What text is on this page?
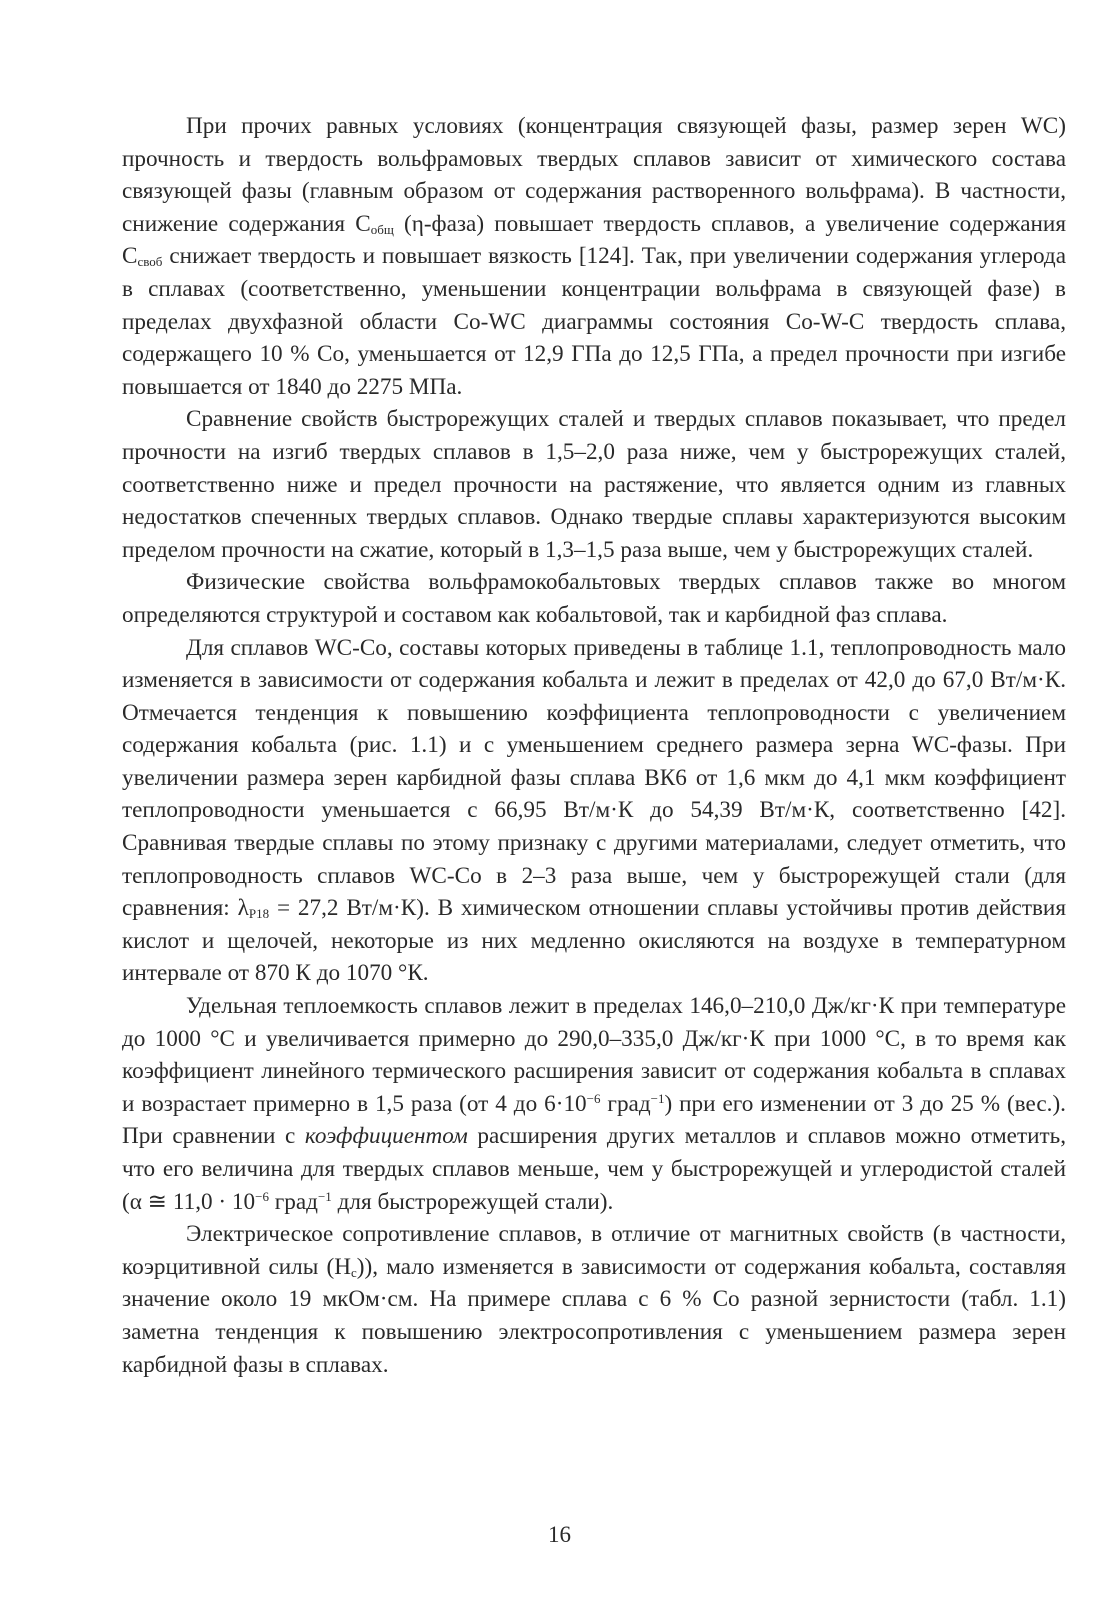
При прочих равных условиях (концентрация связующей фазы, размер зерен WC) прочность и твердость вольфрамовых твердых сплавов зависит от химического состава связующей фазы (главным образом от содержания растворенного вольфрама). В частности, снижение содержания $C_{общ}$ (η-фаза) повышает твердость сплавов, а увеличение содержания $C_{своб}$ снижает твердость и повышает вязкость [124]. Так, при увеличении содержания углерода в сплавах (соответственно, уменьшении концентрации вольфрама в связующей фазе) в пределах двухфазной области Co-WC диаграммы состояния Co-W-C твердость сплава, содержащего 10 % Co, уменьшается от 12,9 ГПа до 12,5 ГПа, а предел прочности при изгибе повышается от 1840 до 2275 МПа.

Сравнение свойств быстрорежущих сталей и твердых сплавов показывает, что предел прочности на изгиб твердых сплавов в 1,5–2,0 раза ниже, чем у быстрорежущих сталей, соответственно ниже и предел прочности на растяжение, что является одним из главных недостатков спеченных твердых сплавов. Однако твердые сплавы характеризуются высоким пределом прочности на сжатие, который в 1,3–1,5 раза выше, чем у быстрорежущих сталей.

Физические свойства вольфрамокобальтовых твердых сплавов также во многом определяются структурой и составом как кобальтовой, так и карбидной фаз сплава.

Для сплавов WC-Co, составы которых приведены в таблице 1.1, теплопроводность мало изменяется в зависимости от содержания кобальта и лежит в пределах от 42,0 до 67,0 Вт/м·К. Отмечается тенденция к повышению коэффициента теплопроводности с увеличением содержания кобальта (рис. 1.1) и с уменьшением среднего размера зерна WC-фазы. При увеличении размера зерен карбидной фазы сплава ВК6 от 1,6 мкм до 4,1 мкм коэффициент теплопроводности уменьшается с 66,95 Вт/м·К до 54,39 Вт/м·К, соответственно [42]. Сравнивая твердые сплавы по этому признаку с другими материалами, следует отметить, что теплопроводность сплавов WC-Co в 2–3 раза выше, чем у быстрорежущей стали (для сравнения: $\lambda_{P18} = 27,2$ Вт/м·К). В химическом отношении сплавы устойчивы против действия кислот и щелочей, некоторые из них медленно окисляются на воздухе в температурном интервале от 870 К до 1070 °К.

Удельная теплоемкость сплавов лежит в пределах 146,0–210,0 Дж/кг·К при температуре до 1000 °С и увеличивается примерно до 290,0–335,0 Дж/кг·К при 1000 °С, в то время как коэффициент линейного термического расширения зависит от содержания кобальта в сплавах и возрастает примерно в 1,5 раза (от 4 до $6\cdot 10^{-6}$ град$^{-1}$) при его изменении от 3 до 25 % (вес.). При сравнении с коэффициентом расширения других металлов и сплавов можно отметить, что его величина для твердых сплавов меньше, чем у быстрорежущей и углеродистой сталей (α ≅ $11,0 \cdot 10^{-6}$ град$^{-1}$ для быстрорежущей стали).

Электрическое сопротивление сплавов, в отличие от магнитных свойств (в частности, коэрцитивной силы $(H_c)$), мало изменяется в зависимости от содержания кобальта, составляя значение около 19 мкОм·см. На примере сплава с 6 % Co разной зернистости (табл. 1.1) заметна тенденция к повышению электросопротивления с уменьшением размера зерен карбидной фазы в сплавах.

16
